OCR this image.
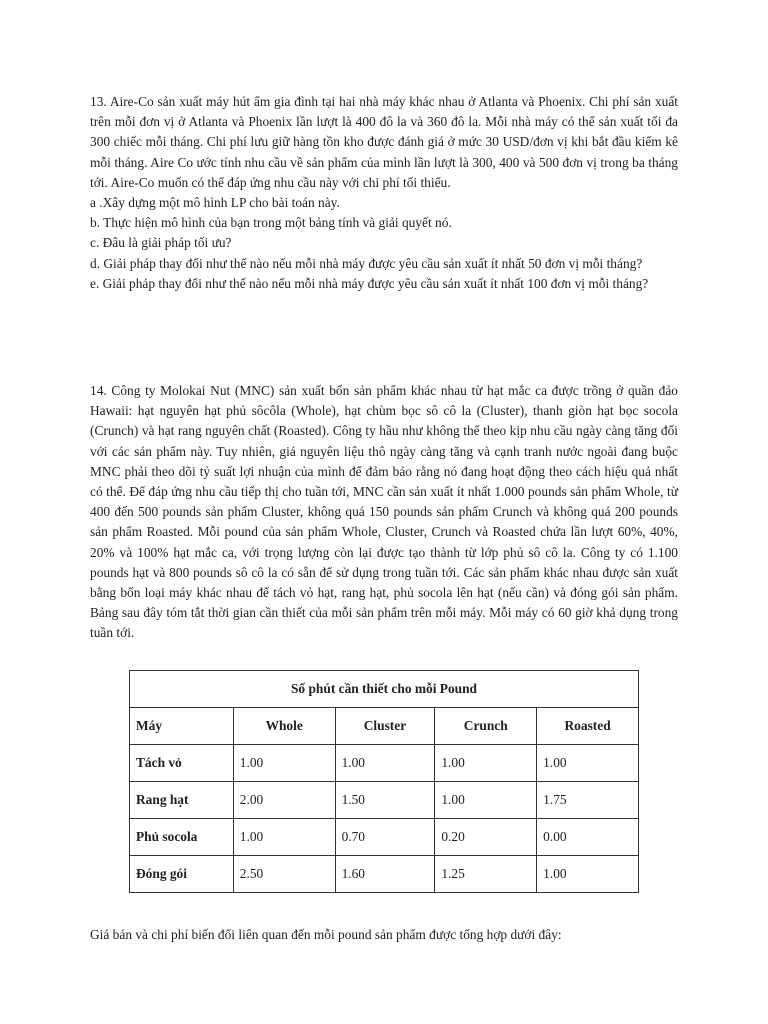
13. Aire-Co sản xuất máy hút ẩm gia đình tại hai nhà máy khác nhau ở Atlanta và Phoenix. Chi phí sản xuất trên mỗi đơn vị ở Atlanta và Phoenix lần lượt là 400 đô la và 360 đô la. Mỗi nhà máy có thể sản xuất tối đa 300 chiếc mỗi tháng. Chi phí lưu giữ hàng tồn kho được đánh giá ở mức 30 USD/đơn vị khi bắt đầu kiểm kê mỗi tháng. Aire Co ước tính nhu cầu về sản phẩm của mình lần lượt là 300, 400 và 500 đơn vị trong ba tháng tới. Aire-Co muốn có thể đáp ứng nhu cầu này với chi phí tối thiểu.

a .Xây dựng một mô hình LP cho bài toán này.

b. Thực hiện mô hình của bạn trong một bảng tính và giải quyết nó.

c. Đâu là giải pháp tối ưu?

d. Giải pháp thay đổi như thế nào nếu mỗi nhà máy được yêu cầu sản xuất ít nhất 50 đơn vị mỗi tháng?

e. Giải pháp thay đổi như thế nào nếu mỗi nhà máy được yêu cầu sản xuất ít nhất 100 đơn vị mỗi tháng?

14. Công ty Molokai Nut (MNC) sản xuất bốn sản phẩm khác nhau từ hạt mắc ca được trồng ở quần đảo Hawaii: hạt nguyên hạt phủ sôcôla (Whole), hạt chùm bọc sô cô la (Cluster), thanh giòn hạt bọc socola (Crunch) và hạt rang nguyên chất (Roasted). Công ty hầu như không thể theo kịp nhu cầu ngày càng tăng đối với các sản phẩm này. Tuy nhiên, giá nguyên liệu thô ngày càng tăng và cạnh tranh nước ngoài đang buộc MNC phải theo dõi tỷ suất lợi nhuận của mình để đảm bảo rằng nó đang hoạt động theo cách hiệu quả nhất có thể. Để đáp ứng nhu cầu tiếp thị cho tuần tới, MNC cần sản xuất ít nhất 1.000 pounds sản phẩm Whole, từ 400 đến 500 pounds sản phẩm Cluster, không quá 150 pounds sản phẩm Crunch và không quá 200 pounds sản phẩm Roasted. Mỗi pound của sản phẩm Whole, Cluster, Crunch và Roasted chứa lần lượt 60%, 40%, 20% và 100% hạt mắc ca, với trọng lượng còn lại được tạo thành từ lớp phủ sô cô la. Công ty có 1.100 pounds hạt và 800 pounds sô cô la có sẵn để sử dụng trong tuần tới. Các sản phẩm khác nhau được sản xuất bằng bốn loại máy khác nhau để tách vỏ hạt, rang hạt, phủ socola lên hạt (nếu cần) và đóng gói sản phẩm. Bảng sau đây tóm tắt thời gian cần thiết của mỗi sản phẩm trên mỗi máy. Mỗi máy có 60 giờ khả dụng trong tuần tới.

Số phút cần thiết cho mỗi Pound				
Máy	Whole	Cluster	Crunch	Roasted
Tách vỏ	1.00	1.00	1.00	1.00
Rang hạt	2.00	1.50	1.00	1.75
Phủ socola	1.00	0.70	0.20	0.00
Đóng gói	2.50	1.60	1.25	1.00

Giá bán và chi phí biến đổi liên quan đến mỗi pound sản phẩm được tổng hợp dưới đây:
